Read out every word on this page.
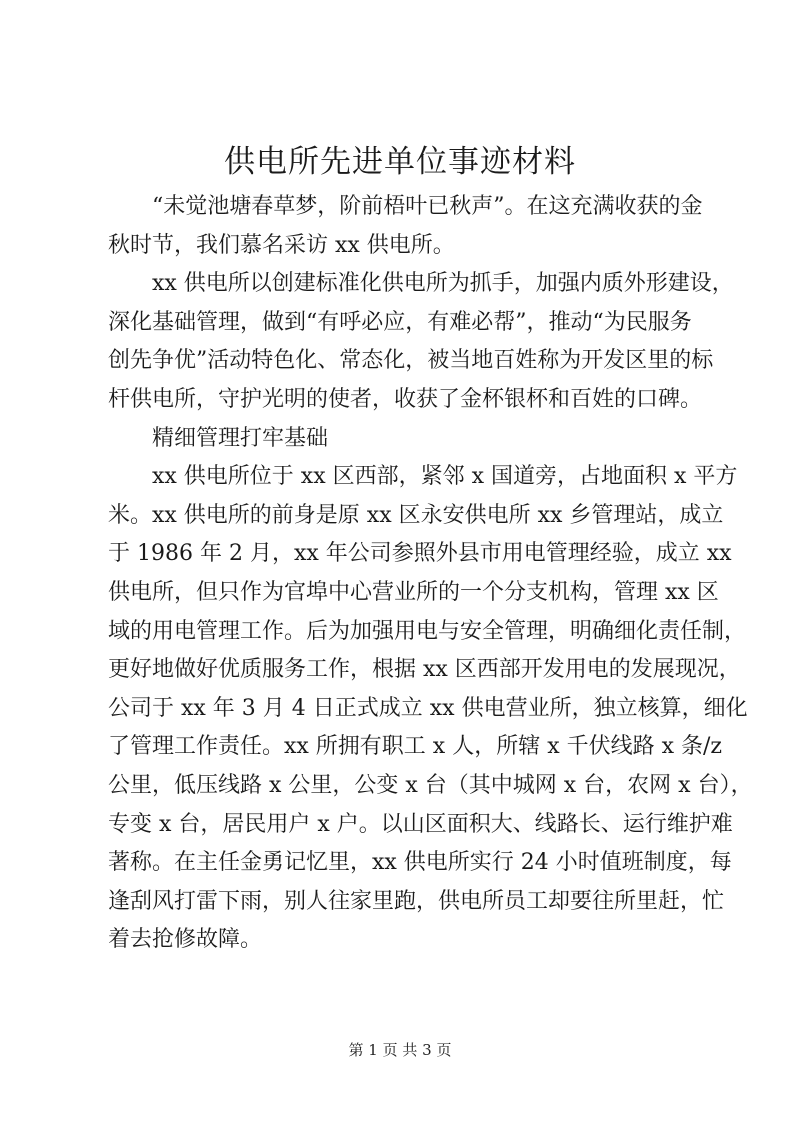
供电所先进单位事迹材料
“未觉池塘春草梦，阶前梧叶已秋声”。在这充满收获的金
秋时节，我们慕名采访 xx 供电所。
xx 供电所以创建标准化供电所为抓手，加强内质外形建设，
深化基础管理，做到“有呼必应，有难必帮”，推动“为民服务
创先争优”活动特色化、常态化，被当地百姓称为开发区里的标
杆供电所，守护光明的使者，收获了金杯银杯和百姓的口碑。
精细管理打牢基础
xx 供电所位于 xx 区西部，紧邻 x 国道旁，占地面积 x 平方
米。xx 供电所的前身是原 xx 区永安供电所 xx 乡管理站，成立
于 1986 年 2 月，xx 年公司参照外县市用电管理经验，成立 xx
供电所，但只作为官埠中心营业所的一个分支机构，管理 xx 区
域的用电管理工作。后为加强用电与安全管理，明确细化责任制，
更好地做好优质服务工作，根据 xx 区西部开发用电的发展现况，
公司于 xx 年 3 月 4 日正式成立 xx 供电营业所，独立核算，细化
了管理工作责任。xx 所拥有职工 x 人，所辖 x 千伏线路 x 条/z
公里，低压线路 x 公里，公变 x 台（其中城网 x 台，农网 x 台），
专变 x 台，居民用户 x 户。以山区面积大、线路长、运行维护难
著称。在主任金勇记忆里，xx 供电所实行 24 小时值班制度，每
逢刮风打雷下雨，别人往家里跑，供电所员工却要往所里赶，忙
着去抢修故障。
第 1 页 共 3 页
